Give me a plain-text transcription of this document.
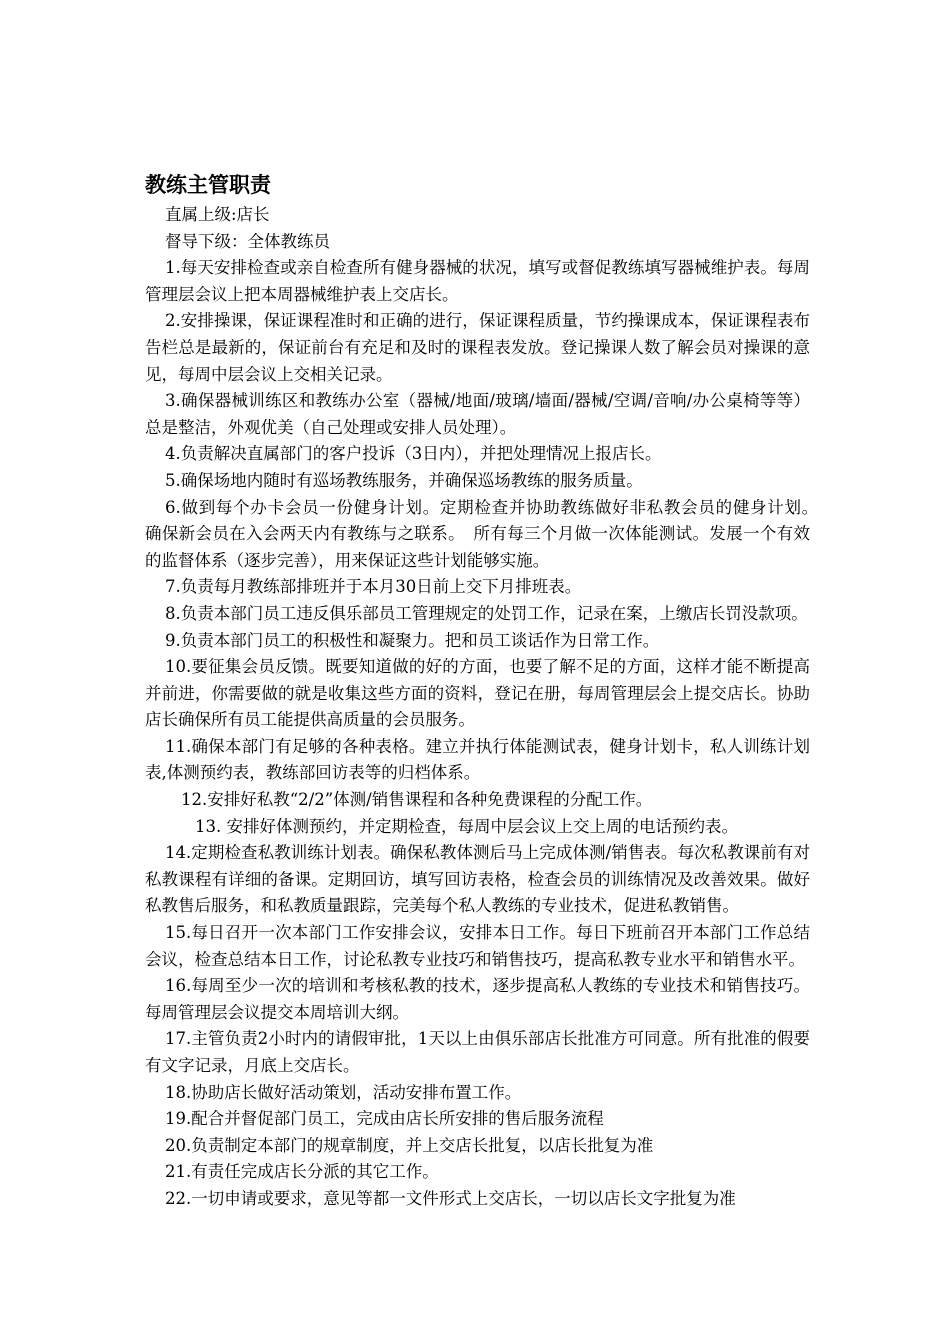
教练主管职责
直属上级:店长
督导下级：全体教练员

1.每天安排检查或亲自检查所有健身器械的状况，填写或督促教练填写器械维护表。每周管理层会议上把本周器械维护表上交店长。

2.安排操课，保证课程准时和正确的进行，保证课程质量，节约操课成本，保证课程表布告栏总是最新的，保证前台有充足和及时的课程表发放。登记操课人数了解会员对操课的意见，每周中层会议上交相关记录。

3.确保器械训练区和教练办公室（器械/地面/玻璃/墙面/器械/空调/音响/办公桌椅等等）总是整洁，外观优美（自己处理或安排人员处理）。

4.负责解决直属部门的客户投诉（3日内），并把处理情况上报店长。

5.确保场地内随时有巡场教练服务，并确保巡场教练的服务质量。

6.做到每个办卡会员一份健身计划。定期检查并协助教练做好非私教会员的健身计划。　确保新会员在入会两天内有教练与之联系。　所有每三个月做一次体能测试。发展一个有效的监督体系（逐步完善），用来保证这些计划能够实施。

7.负责每月教练部排班并于本月30日前上交下月排班表。

8.负责本部门员工违反俱乐部员工管理规定的处罚工作，记录在案，上缴店长罚没款项。

9.负责本部门员工的积极性和凝聚力。把和员工谈话作为日常工作。

10.要征集会员反馈。既要知道做的好的方面，也要了解不足的方面，这样才能不断提高并前进，你需要做的就是收集这些方面的资料，登记在册，每周管理层会上提交店长。协助店长确保所有员工能提供高质量的会员服务。

11.确保本部门有足够的各种表格。建立并执行体能测试表，健身计划卡，私人训练计划表,体测预约表，教练部回访表等的归档体系。

12.安排好私教“2/2”体测/销售课程和各种免费课程的分配工作。

13. 安排好体测预约，并定期检查，每周中层会议上交上周的电话预约表。

14.定期检查私教训练计划表。确保私教体测后马上完成体测/销售表。每次私教课前有对私教课程有详细的备课。定期回访，填写回访表格，检查会员的训练情况及改善效果。做好私教售后服务，和私教质量跟踪，完美每个私人教练的专业技术，促进私教销售。

15.每日召开一次本部门工作安排会议，安排本日工作。每日下班前召开本部门工作总结会议，检查总结本日工作，讨论私教专业技巧和销售技巧，提高私教专业水平和销售水平。

16.每周至少一次的培训和考核私教的技术，逐步提高私人教练的专业技术和销售技巧。每周管理层会议提交本周培训大纲。

17.主管负责2小时内的请假审批，1天以上由俱乐部店长批准方可同意。所有批准的假要有文字记录，月底上交店长。

18.协助店长做好活动策划，活动安排布置工作。

19.配合并督促部门员工，完成由店长所安排的售后服务流程

20.负责制定本部门的规章制度，并上交店长批复，以店长批复为准

21.有责任完成店长分派的其它工作。

22.一切申请或要求，意见等都一文件形式上交店长，一切以店长文字批复为准
